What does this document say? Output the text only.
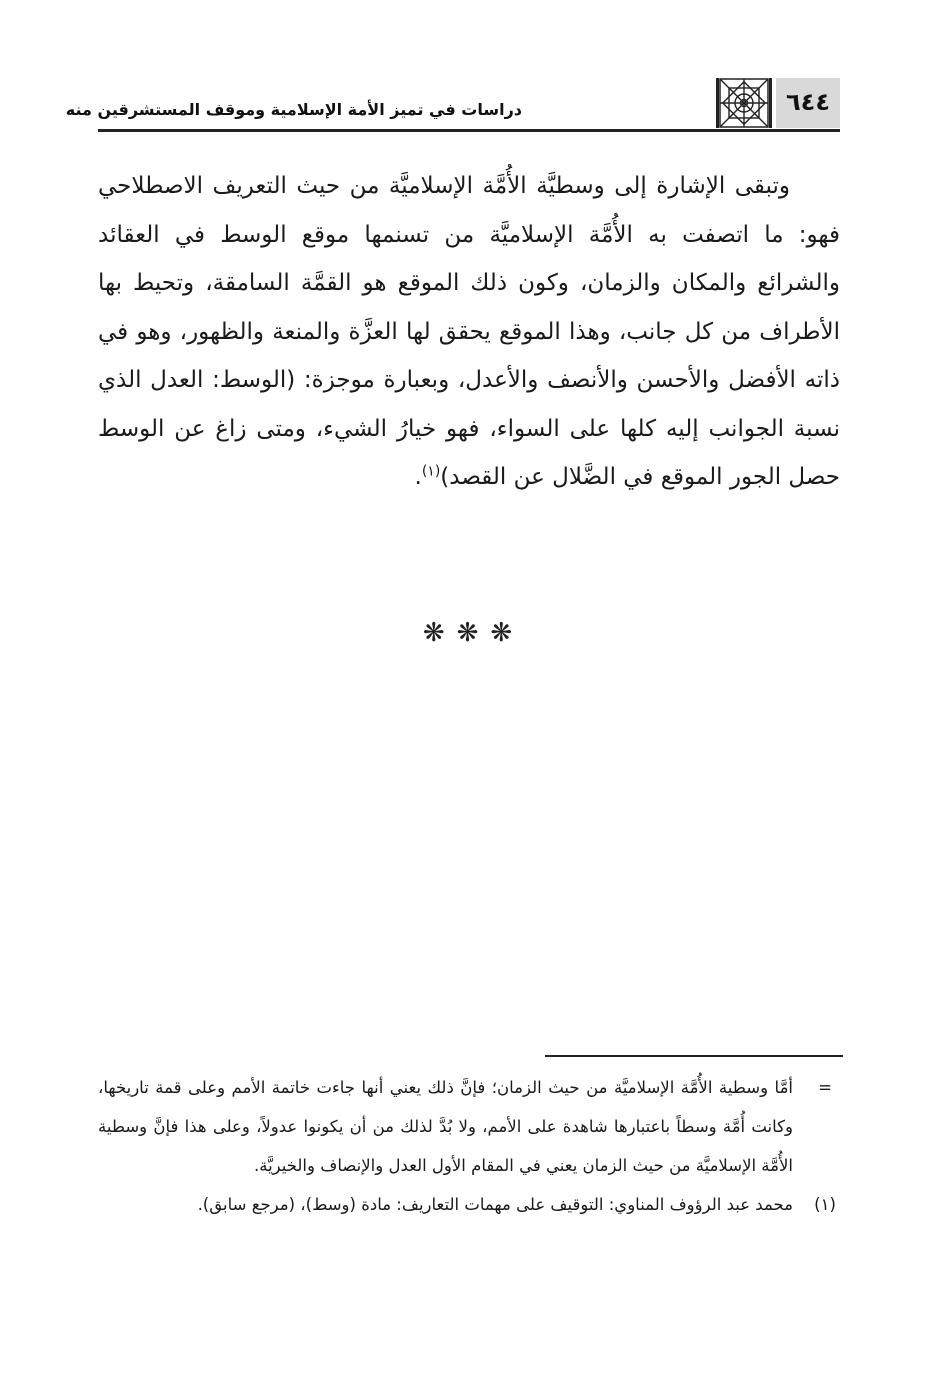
دراسات في تميز الأمة الإسلامية وموقف المستشرقين منه	٦٤٤

وتبقى الإشارة إلى وسطيَّة الأُمَّة الإسلاميَّة من حيث التعريف الاصطلاحي فهو: ما اتصفت به الأُمَّة الإسلاميَّة من تسنمها موقع الوسط في العقائد والشرائع والمكان والزمان، وكون ذلك الموقع هو القمَّة السامقة، وتحيط بها الأطراف من كل جانب، وهذا الموقع يحقق لها العزَّة والمنعة والظهور، وهو في ذاته الأفضل والأحسن والأنصف والأعدل، وبعبارة موجزة: (الوسط: العدل الذي نسبة الجوانب إليه كلها على السواء، فهو خيارُ الشيء، ومتى زاغ عن الوسط حصل الجور الموقع في الضَّلال عن القصد)$^{(١)}$.

❋❋❋
=
أمَّا وسطية الأُمَّة الإسلاميَّة من حيث الزمان؛ فإنَّ ذلك يعني أنها جاءت خاتمة الأمم وعلى قمة تاريخها، وكانت أُمَّة وسطاً باعتبارها شاهدة على الأمم، ولا بُدَّ لذلك من أن يكونوا عدولاً، وعلى هذا فإنَّ وسطية الأُمَّة الإسلاميَّة من حيث الزمان يعني في المقام الأول العدل والإنصاف والخيريَّة.
(١)
محمد عبد الرؤوف المناوي: التوقيف على مهمات التعاريف: مادة (وسط)، (مرجع سابق).
